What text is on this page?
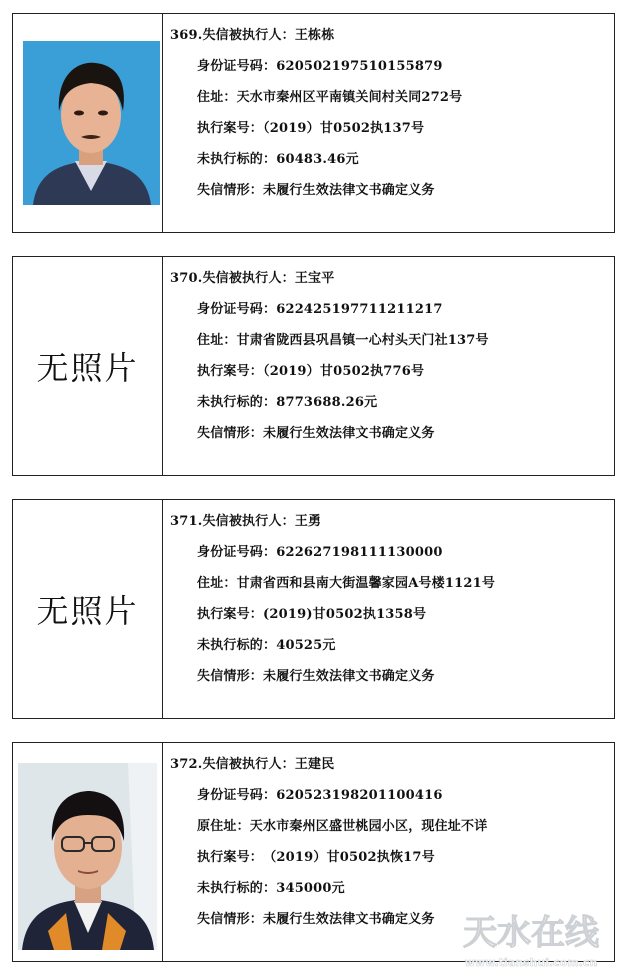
369.失信被执行人：王栋栋
身份证号码：620502197510155879
住址：天水市秦州区平南镇关间村关同272号
执行案号：（2019）甘0502执137号
未执行标的：60483.46元
失信情形：未履行生效法律文书确定义务
无照片
370.失信被执行人：王宝平
身份证号码：622425197711211217
住址：甘肃省陇西县巩昌镇一心村头天门社137号
执行案号：（2019）甘0502执776号
未执行标的：8773688.26元
失信情形：未履行生效法律文书确定义务
无照片
371.失信被执行人：王勇
身份证号码：622627198111130000
住址：甘肃省西和县南大街温馨家园A号楼1121号
执行案号：(2019)甘0502执1358号
未执行标的：40525元
失信情形：未履行生效法律文书确定义务
372.失信被执行人：王建民
身份证号码：620523198201100416
原住址：天水市秦州区盛世桃园小区，现住址不详
执行案号：　（2019）甘0502执恢17号
未执行标的：345000元
失信情形：未履行生效法律文书确定义务 天水在线
www.tianshui.com.cn
